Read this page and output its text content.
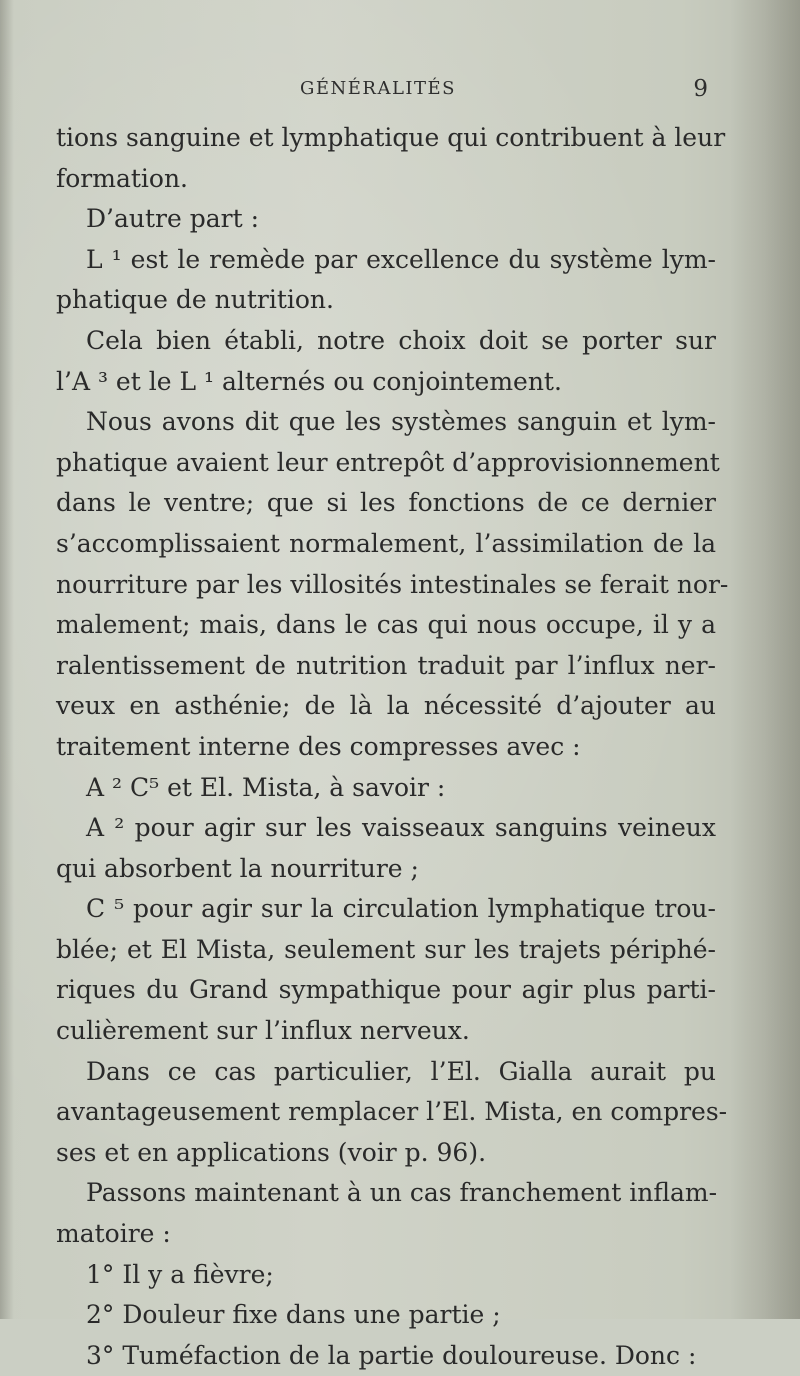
GÉNÉRALITÉS	9
tions sanguine et lymphatique qui contribuent à leur
formation.
D’autre part :
L ¹ est le remède par excellence du système lym-
phatique de nutrition.
Cela bien établi, notre choix doit se porter sur
l’A ³ et le L ¹ alternés ou conjointement.
Nous avons dit que les systèmes sanguin et lym-
phatique avaient leur entrepôt d’approvisionnement
dans le ventre; que si les fonctions de ce dernier
s’accomplissaient normalement, l’assimilation de la
nourriture par les villosités intestinales se ferait nor-
malement; mais, dans le cas qui nous occupe, il y a
ralentissement de nutrition traduit par l’influx ner-
veux en asthénie; de là la nécessité d’ajouter au
traitement interne des compresses avec :
A ² C⁵ et El. Mista, à savoir :
A ² pour agir sur les vaisseaux sanguins veineux
qui absorbent la nourriture ;
C ⁵ pour agir sur la circulation lymphatique trou-
blée; et El Mista, seulement sur les trajets périphé-
riques du Grand sympathique pour agir plus parti-
culièrement sur l’influx nerveux.
Dans ce cas particulier, l’El. Gialla aurait pu
avantageusement remplacer l’El. Mista, en compres-
ses et en applications (voir p. 96).
Passons maintenant à un cas franchement inflam-
matoire :
1° Il y a fièvre;
2° Douleur fixe dans une partie ;
3° Tuméfaction de la partie douloureuse. Donc :
